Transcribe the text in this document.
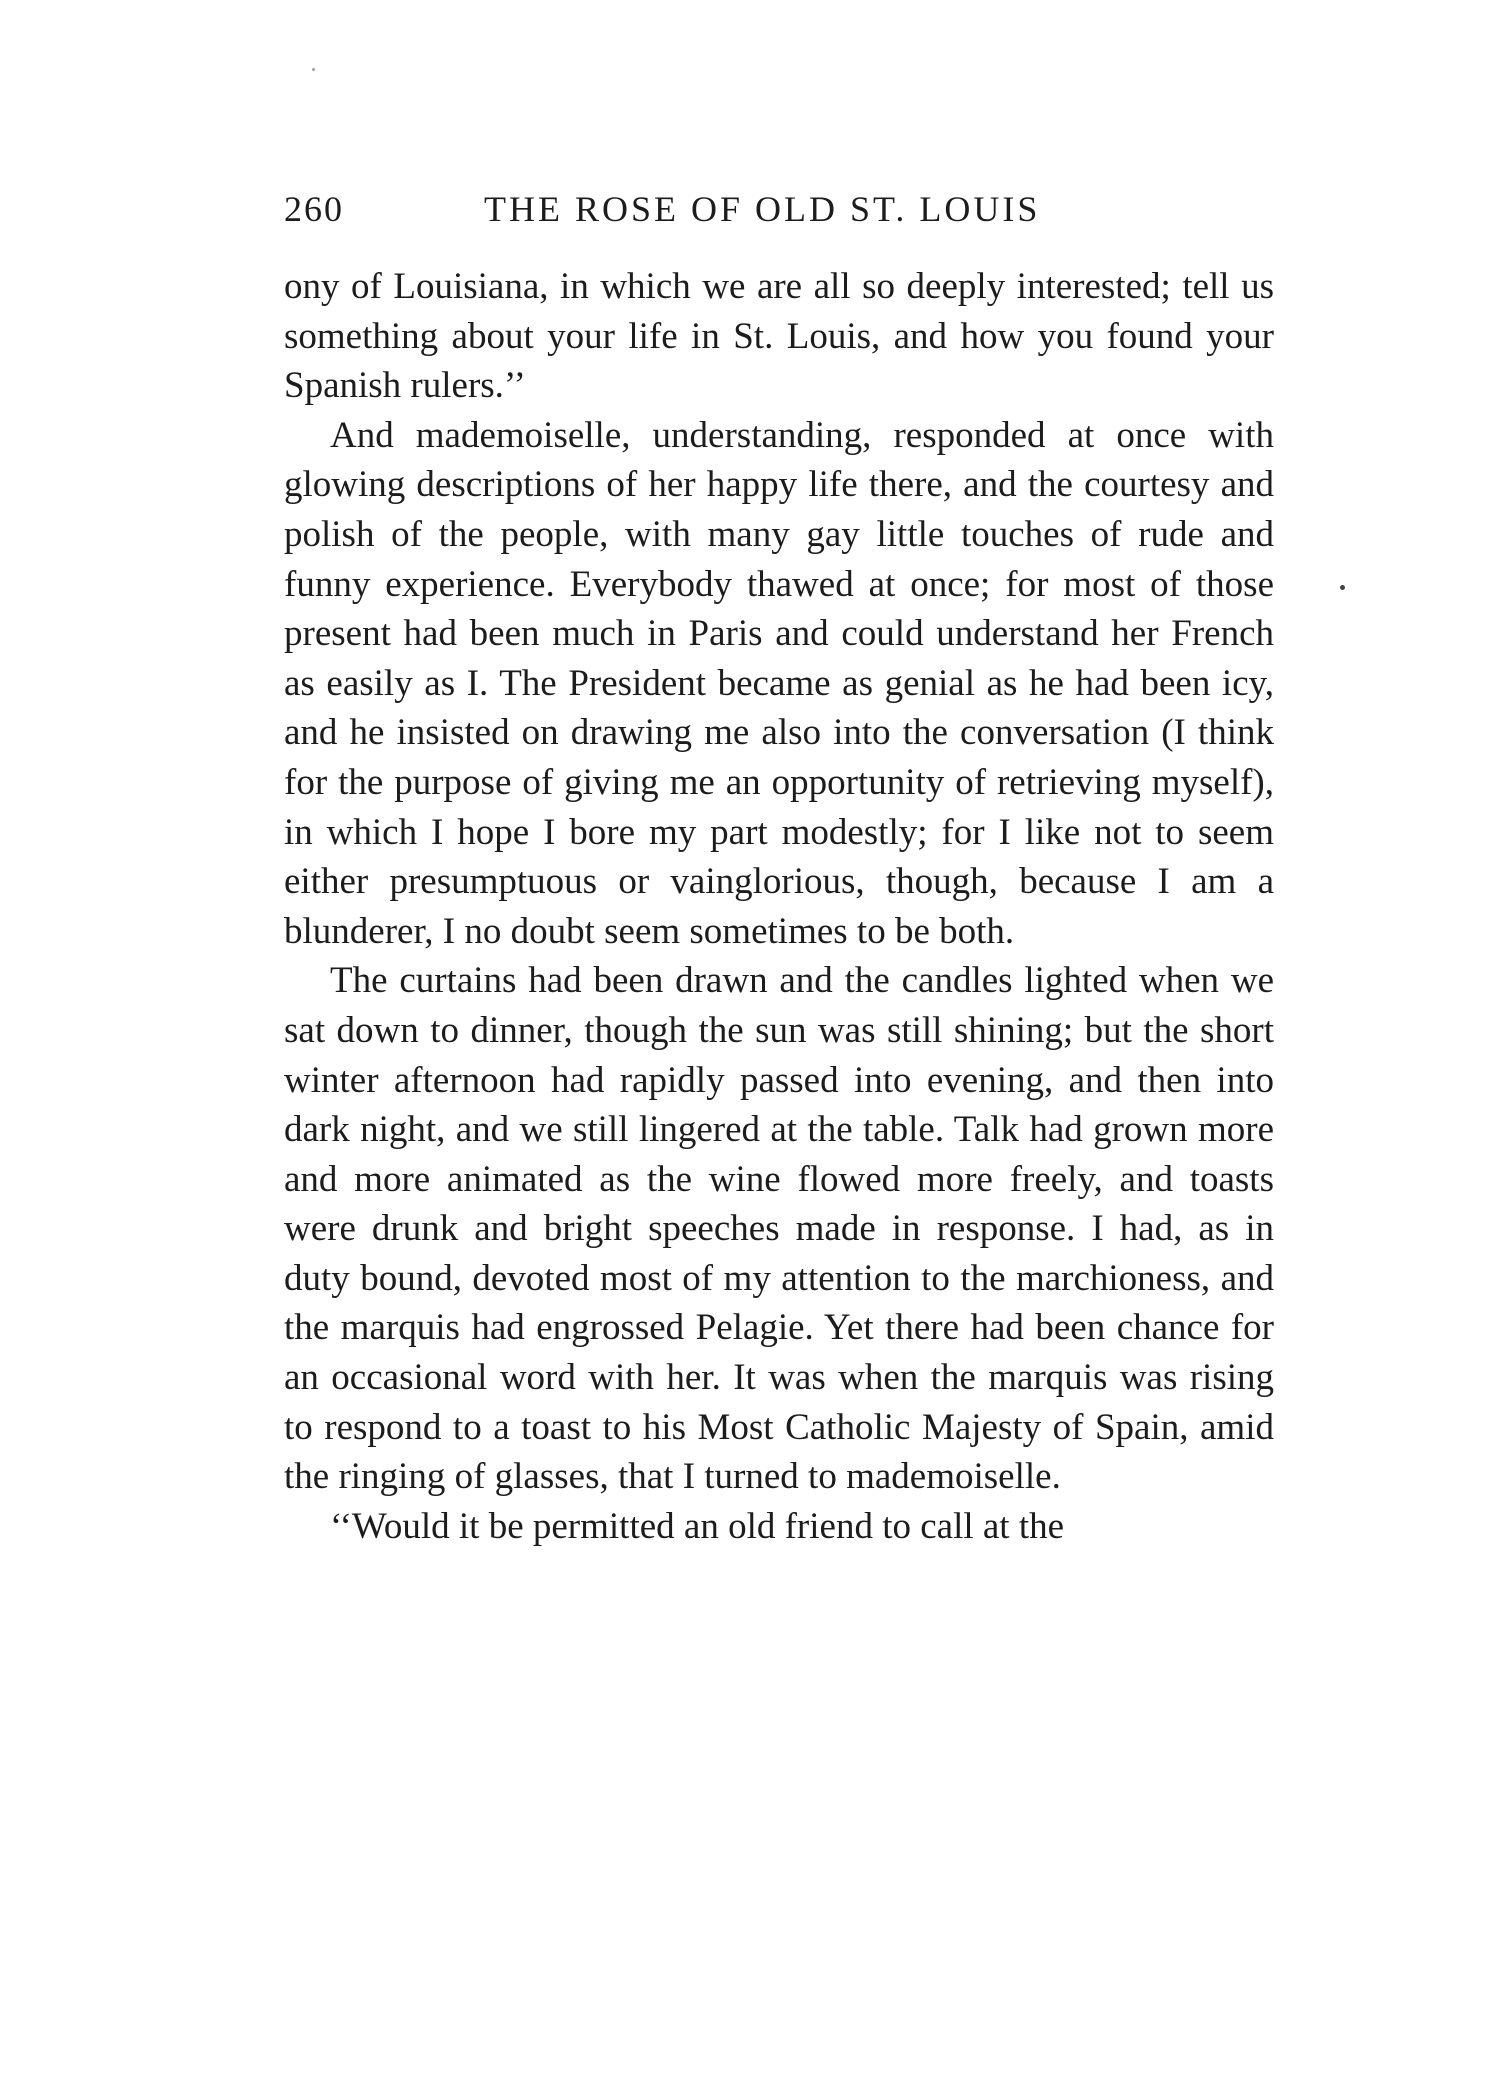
260	THE ROSE OF OLD ST. LOUIS

ony of Louisiana, in which we are all so deeply interested; tell us something about your life in St. Louis, and how you found your Spanish rulers.’’

And mademoiselle, understanding, responded at once with glowing descriptions of her happy life there, and the courtesy and polish of the people, with many gay little touches of rude and funny experience. Everybody thawed at once; for most of those present had been much in Paris and could understand her French as easily as I. The President became as genial as he had been icy, and he insisted on drawing me also into the conversation (I think for the purpose of giving me an opportunity of retrieving myself), in which I hope I bore my part modestly; for I like not to seem either presumptuous or vainglorious, though, because I am a blunderer, I no doubt seem sometimes to be both.

The curtains had been drawn and the candles lighted when we sat down to dinner, though the sun was still shining; but the short winter afternoon had rapidly passed into evening, and then into dark night, and we still lingered at the table. Talk had grown more and more animated as the wine flowed more freely, and toasts were drunk and bright speeches made in response. I had, as in duty bound, devoted most of my attention to the marchioness, and the marquis had engrossed Pelagie. Yet there had been chance for an occasional word with her. It was when the marquis was rising to respond to a toast to his Most Catholic Majesty of Spain, amid the ringing of glasses, that I turned to mademoiselle.

‘‘Would it be permitted an old friend to call at the
